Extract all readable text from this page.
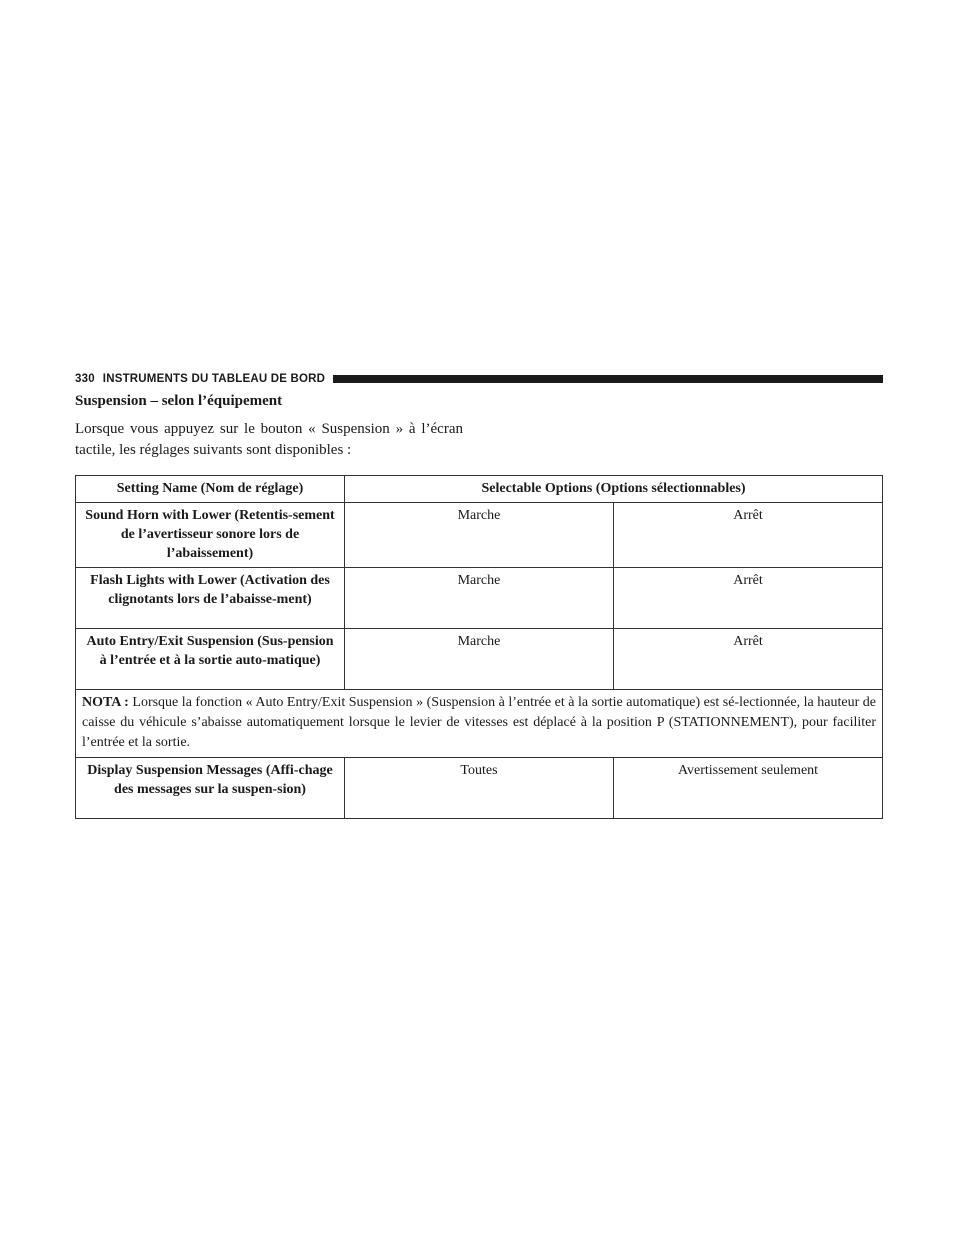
330 INSTRUMENTS DU TABLEAU DE BORD
Suspension – selon l’équipement
Lorsque vous appuyez sur le bouton « Suspension » à l’écran tactile, les réglages suivants sont disponibles :
Setting Name (Nom de réglage)	Selectable Options (Options sélectionnables)	
Sound Horn with Lower (Retentis-sement de l’avertisseur sonore lors de l’abaissement)	Marche	Arrêt
Flash Lights with Lower (Activation des clignotants lors de l’abaisse-ment)	Marche	Arrêt
Auto Entry/Exit Suspension (Sus-pension à l’entrée et à la sortie auto-matique)	Marche	Arrêt
NOTA : Lorsque la fonction « Auto Entry/Exit Suspension » (Suspension à l’entrée et à la sortie automatique) est sé-lectionnée, la hauteur de caisse du véhicule s’abaisse automatiquement lorsque le levier de vitesses est déplacé à la position P (STATIONNEMENT), pour faciliter l’entrée et la sortie.		
Display Suspension Messages (Affi-chage des messages sur la suspen-sion)	Toutes	Avertissement seulement
